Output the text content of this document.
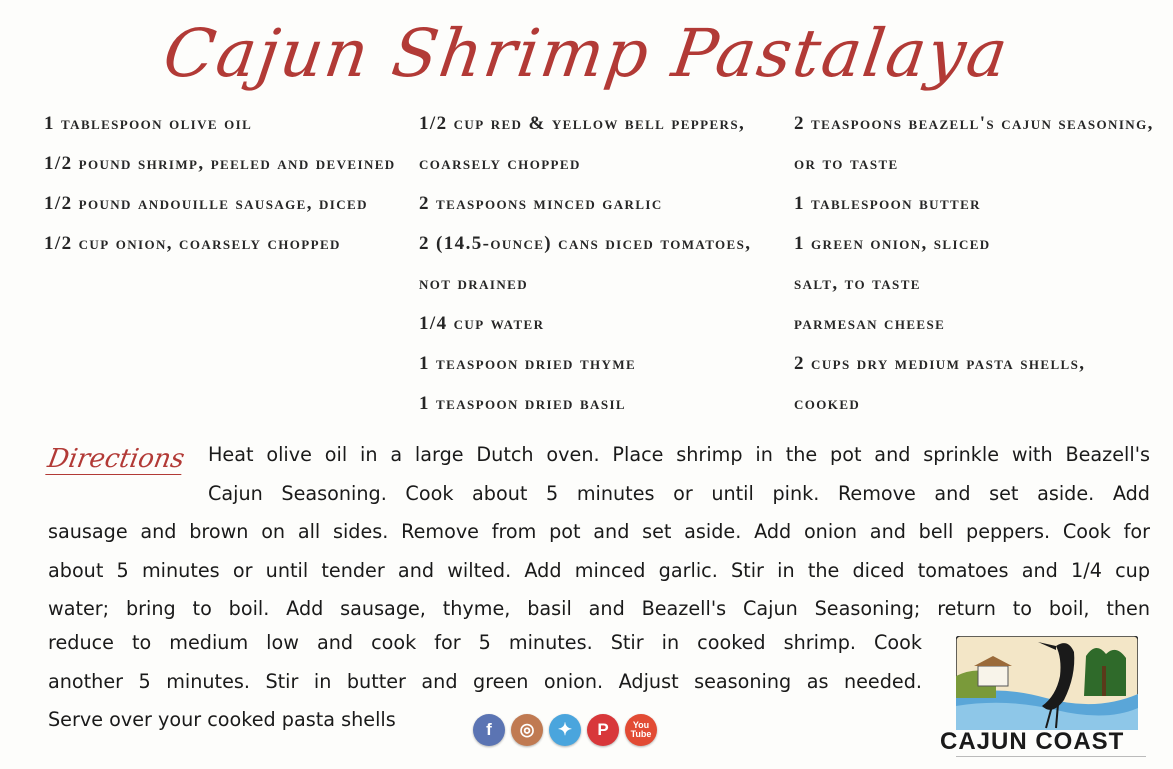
Cajun Shrimp Pastalaya
1 tablespoon olive oil
1/2 pound shrimp, peeled and deveined
1/2 pound andouille sausage, diced
1/2 cup onion, coarsely chopped
1/2 cup red & yellow bell peppers, coarsely chopped
2 teaspoons minced garlic
2 (14.5-ounce) cans diced tomatoes, not drained
1/4 cup water
1 teaspoon dried thyme
1 teaspoon dried basil
2 teaspoons beazell's cajun seasoning, or to taste
1 tablespoon butter
1 green onion, sliced
salt, to taste
parmesan cheese
2 cups dry medium pasta shells, cooked
Directions Heat olive oil in a large Dutch oven. Place shrimp in the pot and sprinkle with Beazell's
Cajun Seasoning. Cook about 5 minutes or until pink. Remove and set aside. Add
sausage and brown on all sides. Remove from pot and set aside. Add onion and bell peppers. Cook for
about 5 minutes or until tender and wilted. Add minced garlic. Stir in the diced tomatoes and 1/4 cup
water; bring to boil. Add sausage, thyme, basil and Beazell's Cajun Seasoning; return to boil, then
reduce to medium low and cook for 5 minutes. Stir in cooked shrimp. Cook
another 5 minutes. Stir in butter and green onion. Adjust seasoning as needed.
Serve over your cooked pasta shells	f	◎	✦	P	You Tube	CAJUN COAST
